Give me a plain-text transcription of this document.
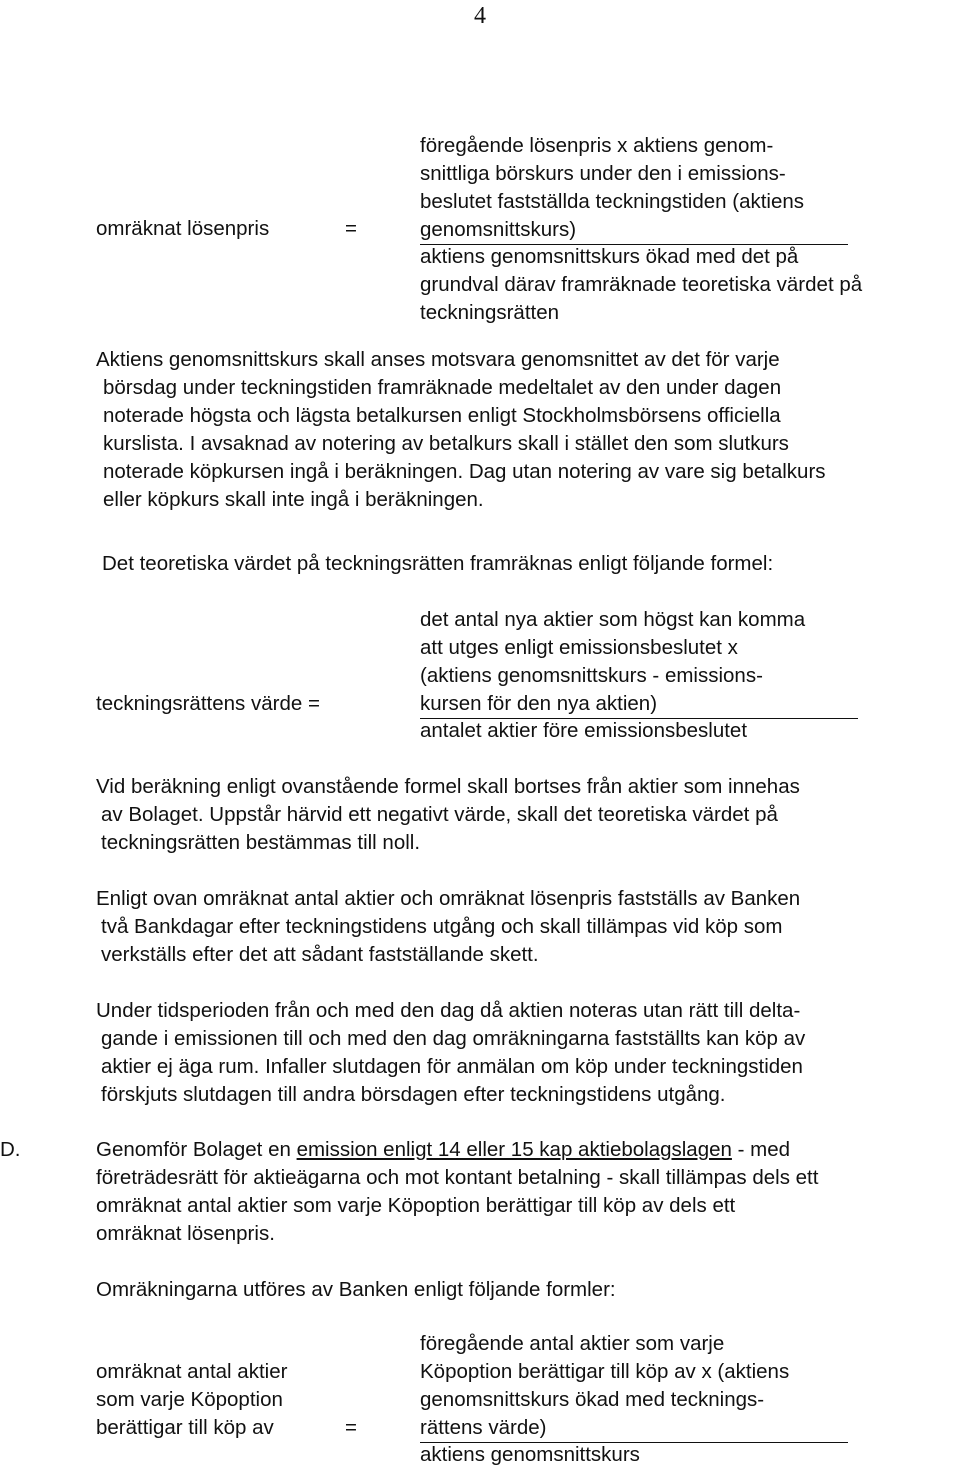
4
omräknat lösenpris	=
föregående lösenpris x aktiens genom-
snittliga börskurs under den i emissions-
beslutet fastställda teckningstiden (aktiens
genomsnittskurs)
aktiens genomsnittskurs ökad med det på
grundval därav framräknade teoretiska värdet på
teckningsrätten
Aktiens genomsnittskurs skall anses motsvara genomsnittet av det för varje
börsdag under teckningstiden framräknade medeltalet av den under dagen
noterade högsta och lägsta betalkursen enligt Stockholmsbörsens officiella
kurslista. I avsaknad av notering av betalkurs skall i stället den som slutkurs
noterade köpkursen ingå i beräkningen. Dag utan notering av vare sig betalkurs
eller köpkurs skall inte ingå i beräkningen.
Det teoretiska värdet på teckningsrätten framräknas enligt följande formel:
teckningsrättens värde =
det antal nya aktier som högst kan komma
att utges enligt emissionsbeslutet x
(aktiens genomsnittskurs - emissions-
kursen för den nya aktien)
antalet aktier före emissionsbeslutet
Vid beräkning enligt ovanstående formel skall bortses från aktier som innehas
av Bolaget. Uppstår härvid ett negativt värde, skall det teoretiska värdet på
teckningsrätten bestämmas till noll.
Enligt ovan omräknat antal aktier och omräknat lösenpris fastställs av Banken
två Bankdagar efter teckningstidens utgång och skall tillämpas vid köp som
verkställs efter det att sådant fastställande skett.
Under tidsperioden från och med den dag då aktien noteras utan rätt till delta-
gande i emissionen till och med den dag omräkningarna fastställts kan köp av
aktier ej äga rum. Infaller slutdagen för anmälan om köp under teckningstiden
förskjuts slutdagen till andra börsdagen efter teckningstidens utgång.
D.	Genomför Bolaget en emission enligt 14 eller 15 kap aktiebolagslagen - med
företrädesrätt för aktieägarna och mot kontant betalning - skall tillämpas dels ett
omräknat antal aktier som varje Köpoption berättigar till köp av dels ett
omräknat lösenpris.
Omräkningarna utföres av Banken enligt följande formler:
omräknat antal aktier
som varje Köpoption
berättigar till köp av	=
föregående antal aktier som varje
Köpoption berättigar till köp av x (aktiens
genomsnittskurs ökad med tecknings-
rättens värde)
aktiens genomsnittskurs
